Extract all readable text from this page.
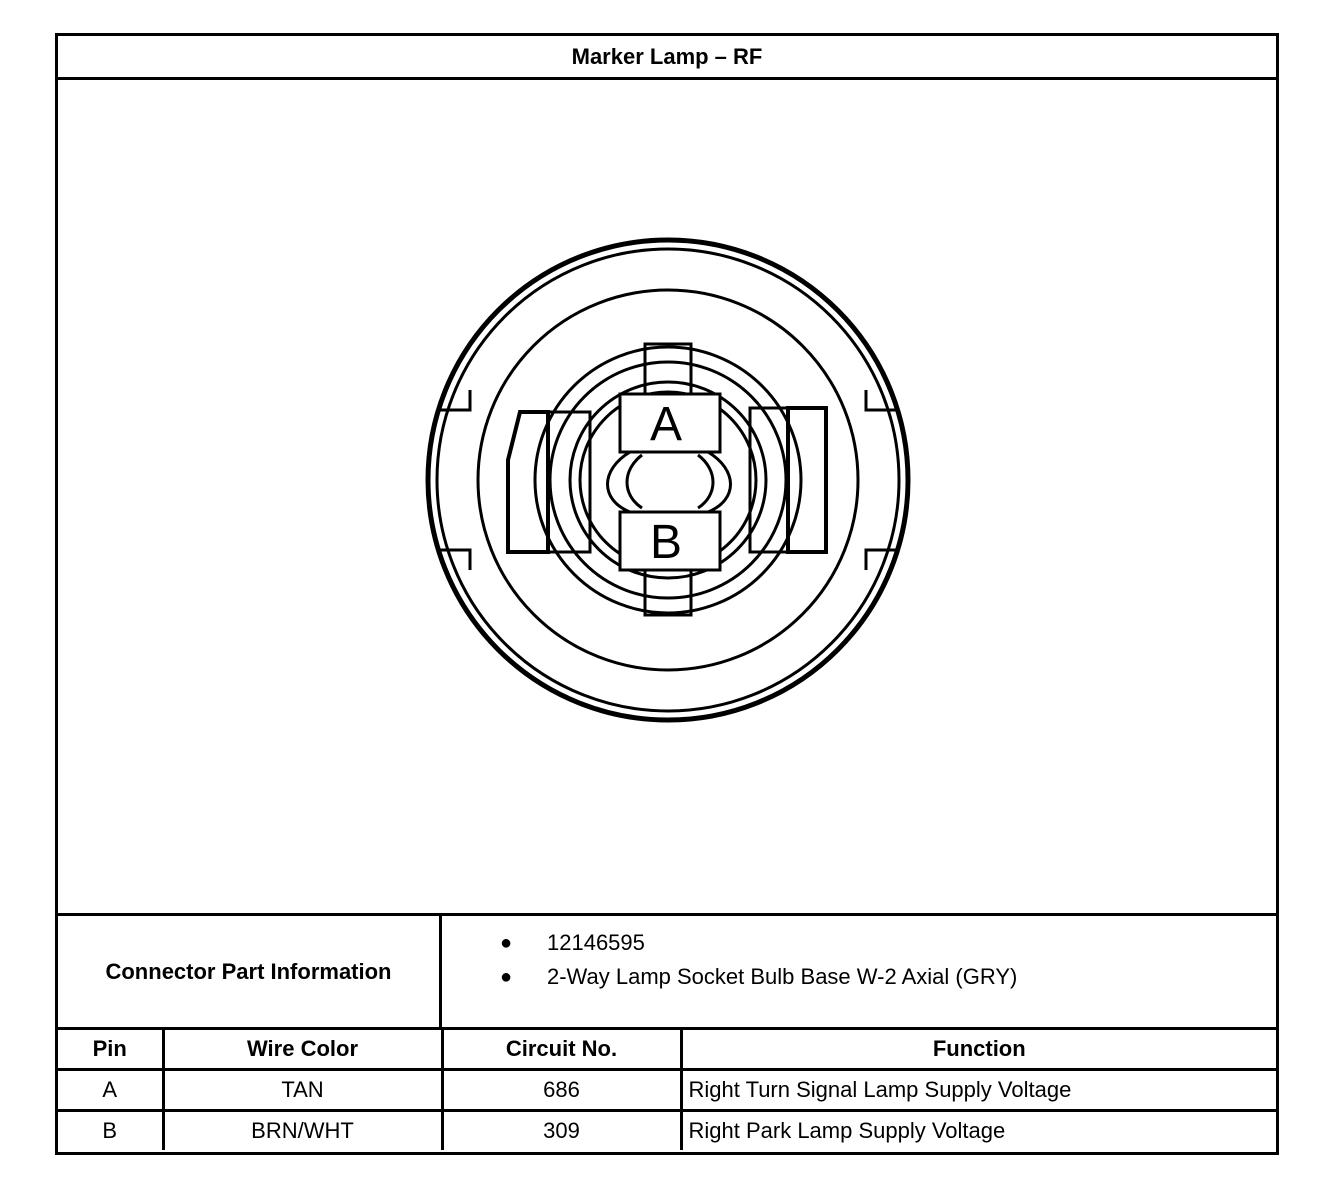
Marker Lamp – RF
A
B
Connector Part Information
● 12146595
● 2-Way Lamp Socket Bulb Base W-2 Axial (GRY)
Pin	Wire Color	Circuit No.	Function
A	TAN	686	Right Turn Signal Lamp Supply Voltage
B	BRN/WHT	309	Right Park Lamp Supply Voltage
